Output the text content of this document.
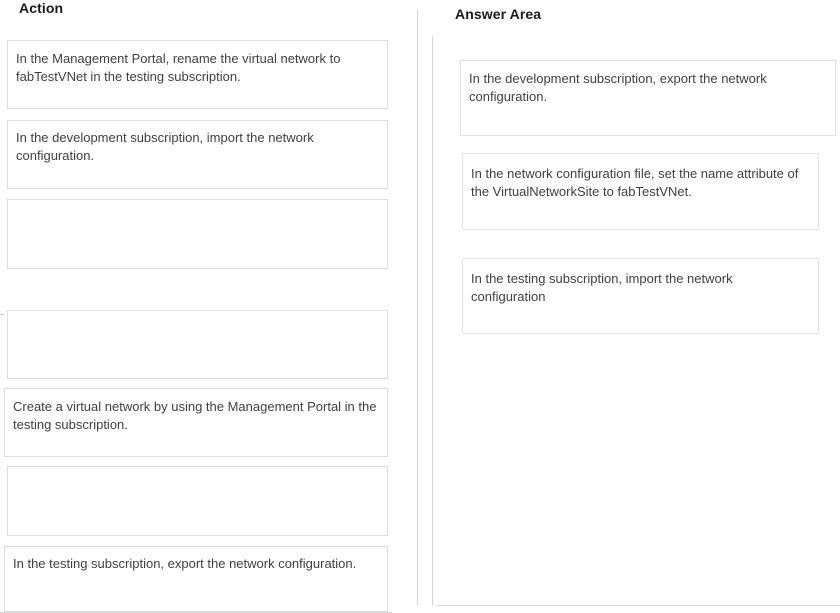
Action	Answer Area
In the Management Portal, rename the virtual network to fabTestVNet in the testing subscription.
In the development subscription, import the network configuration.
Create a virtual network by using the Management Portal in the testing subscription.
In the testing subscription, export the network configuration.
In the development subscription, export the network configuration.
In the network configuration file, set the name attribute of the VirtualNetworkSite to fabTestVNet.
In the testing subscription, import the network configuration
